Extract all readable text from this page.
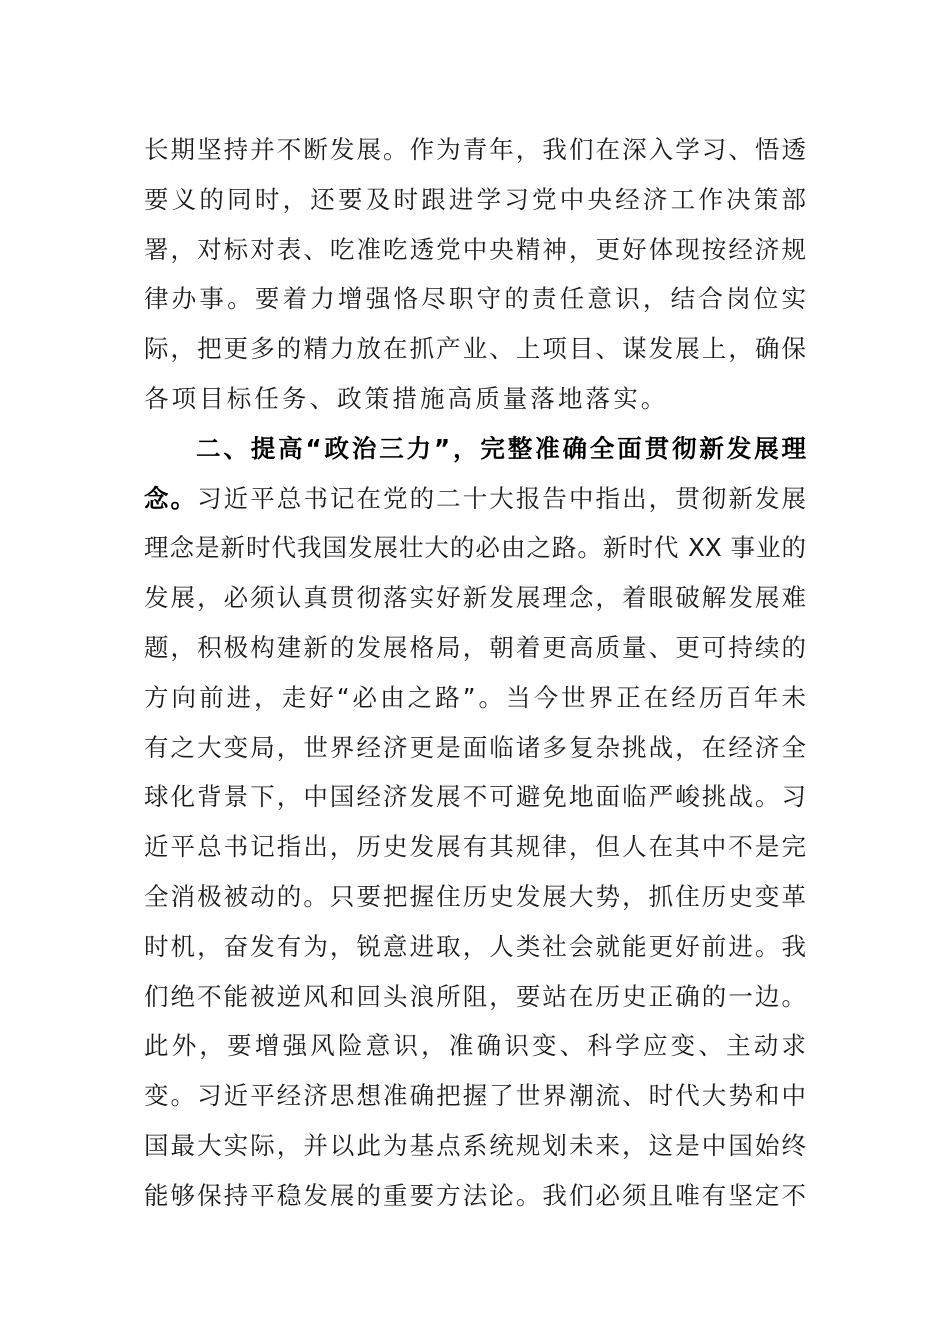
长期坚持并不断发展。作为青年，我们在深入学习、悟透
要义的同时，还要及时跟进学习党中央经济工作决策部
署，对标对表、吃准吃透党中央精神，更好体现按经济规
律办事。要着力增强恪尽职守的责任意识，结合岗位实
际，把更多的精力放在抓产业、上项目、谋发展上，确保
各项目标任务、政策措施高质量落地落实。
二、提高“政治三力”，完整准确全面贯彻新发展理
念。习近平总书记在党的二十大报告中指出，贯彻新发展
理念是新时代我国发展壮大的必由之路。新时代 XX 事业的
发展，必须认真贯彻落实好新发展理念，着眼破解发展难
题，积极构建新的发展格局，朝着更高质量、更可持续的
方向前进，走好“必由之路”。当今世界正在经历百年未
有之大变局，世界经济更是面临诸多复杂挑战，在经济全
球化背景下，中国经济发展不可避免地面临严峻挑战。习
近平总书记指出，历史发展有其规律，但人在其中不是完
全消极被动的。只要把握住历史发展大势，抓住历史变革
时机，奋发有为，锐意进取，人类社会就能更好前进。我
们绝不能被逆风和回头浪所阻，要站在历史正确的一边。
此外，要增强风险意识，准确识变、科学应变、主动求
变。习近平经济思想准确把握了世界潮流、时代大势和中
国最大实际，并以此为基点系统规划未来，这是中国始终
能够保持平稳发展的重要方法论。我们必须且唯有坚定不
